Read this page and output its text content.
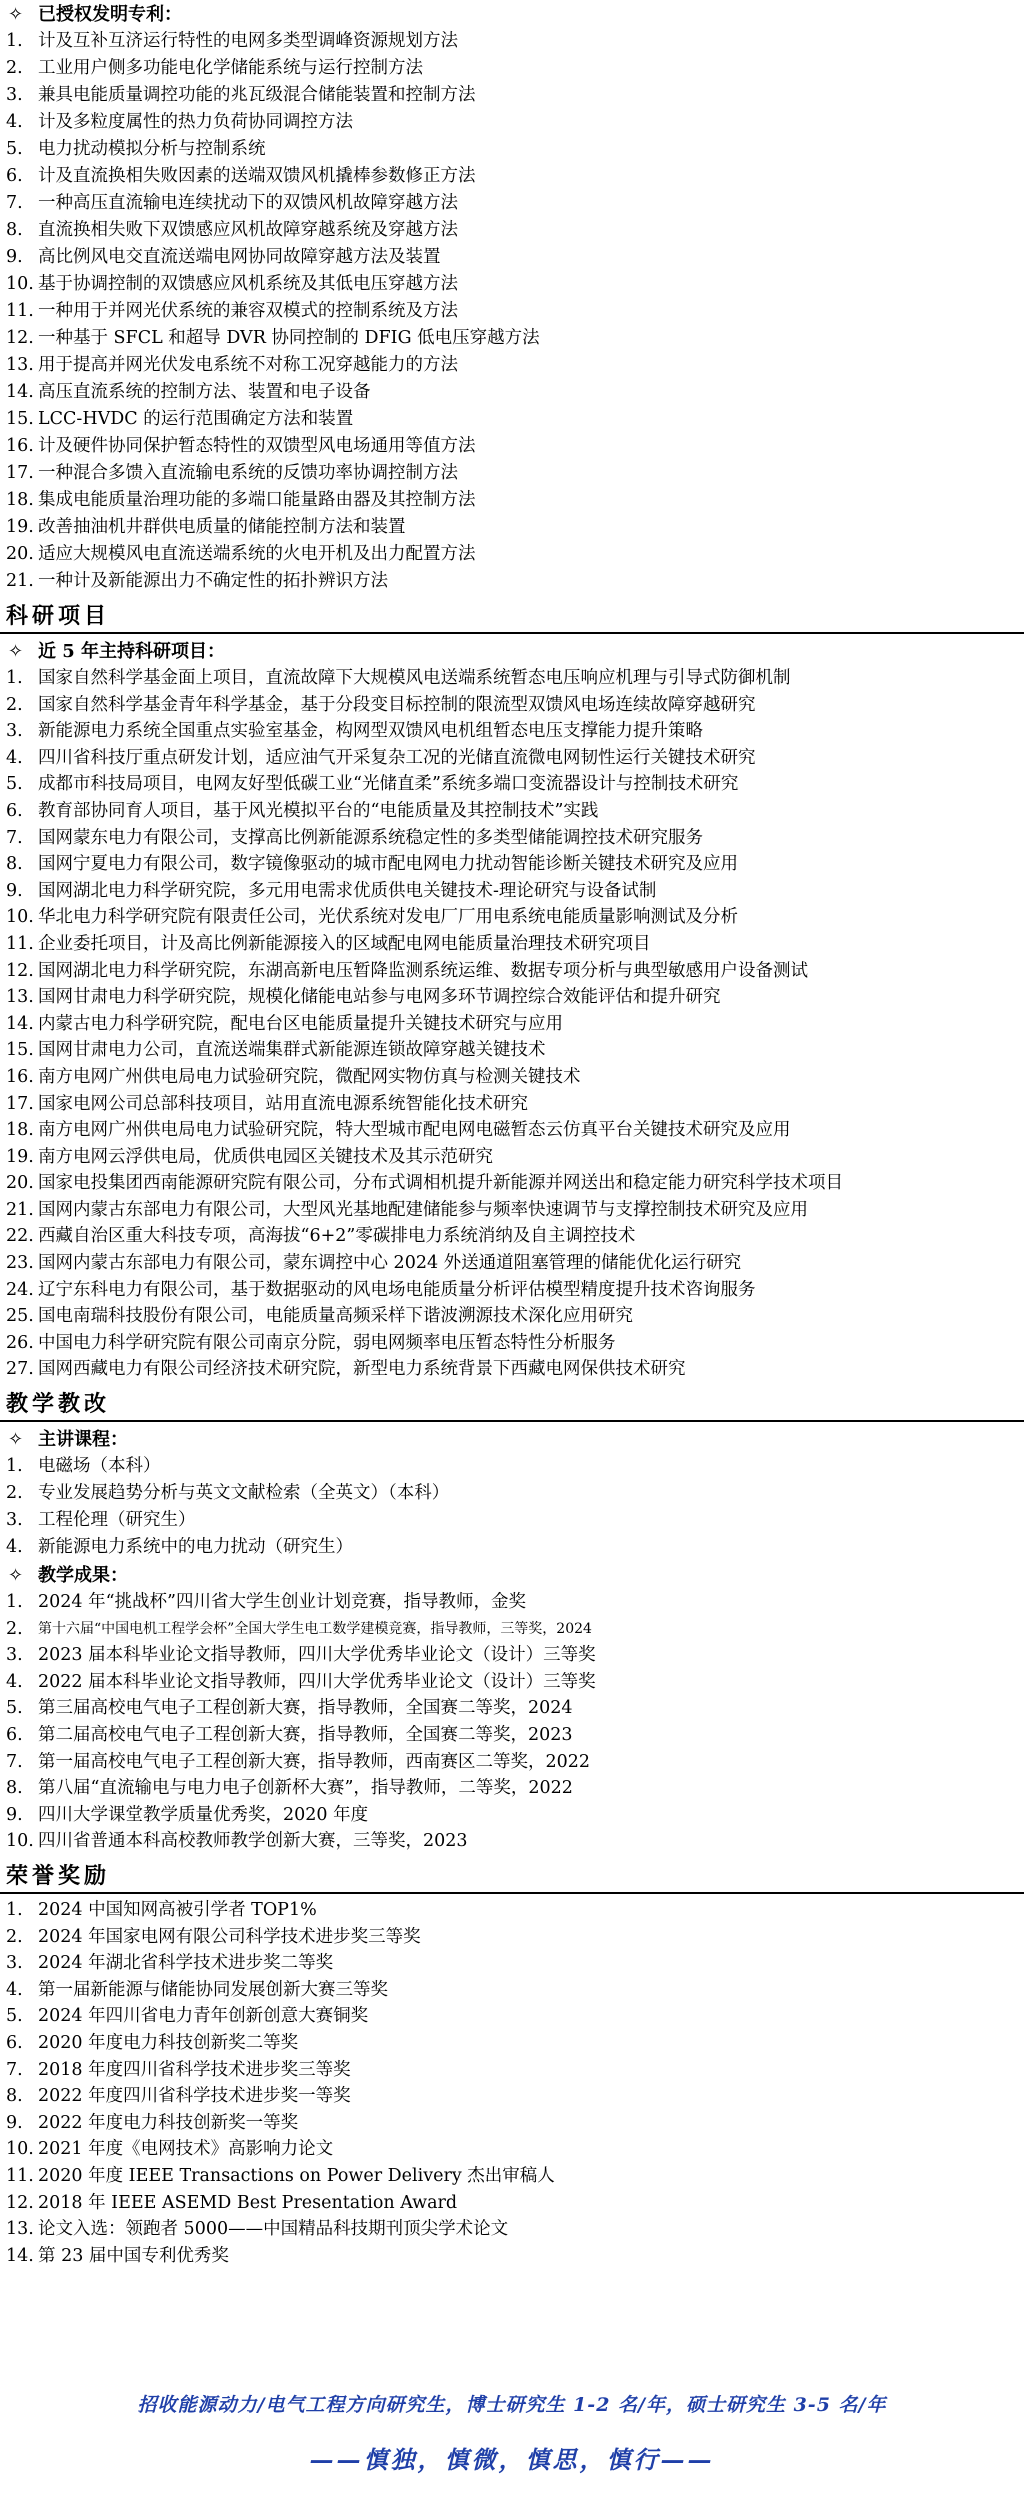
✧ 已授权发明专利：
1. 计及互补互济运行特性的电网多类型调峰资源规划方法
2. 工业用户侧多功能电化学储能系统与运行控制方法
3. 兼具电能质量调控功能的兆瓦级混合储能装置和控制方法
4. 计及多粒度属性的热力负荷协同调控方法
5. 电力扰动模拟分析与控制系统
6. 计及直流换相失败因素的送端双馈风机撬棒参数修正方法
7. 一种高压直流输电连续扰动下的双馈风机故障穿越方法
8. 直流换相失败下双馈感应风机故障穿越系统及穿越方法
9. 高比例风电交直流送端电网协同故障穿越方法及装置
10. 基于协调控制的双馈感应风机系统及其低电压穿越方法
11. 一种用于并网光伏系统的兼容双模式的控制系统及方法
12. 一种基于 SFCL 和超导 DVR 协同控制的 DFIG 低电压穿越方法
13. 用于提高并网光伏发电系统不对称工况穿越能力的方法
14. 高压直流系统的控制方法、装置和电子设备
15. LCC-HVDC 的运行范围确定方法和装置
16. 计及硬件协同保护暂态特性的双馈型风电场通用等值方法
17. 一种混合多馈入直流输电系统的反馈功率协调控制方法
18. 集成电能质量治理功能的多端口能量路由器及其控制方法
19. 改善抽油机井群供电质量的储能控制方法和装置
20. 适应大规模风电直流送端系统的火电开机及出力配置方法
21. 一种计及新能源出力不确定性的拓扑辨识方法
科研项目
✧ 近 5 年主持科研项目：
1. 国家自然科学基金面上项目，直流故障下大规模风电送端系统暂态电压响应机理与引导式防御机制
2. 国家自然科学基金青年科学基金，基于分段变目标控制的限流型双馈风电场连续故障穿越研究
3. 新能源电力系统全国重点实验室基金，构网型双馈风电机组暂态电压支撑能力提升策略
4. 四川省科技厅重点研发计划，适应油气开采复杂工况的光储直流微电网韧性运行关键技术研究
5. 成都市科技局项目，电网友好型低碳工业“光储直柔”系统多端口变流器设计与控制技术研究
6. 教育部协同育人项目，基于风光模拟平台的“电能质量及其控制技术”实践
7. 国网蒙东电力有限公司，支撑高比例新能源系统稳定性的多类型储能调控技术研究服务
8. 国网宁夏电力有限公司，数字镜像驱动的城市配电网电力扰动智能诊断关键技术研究及应用
9. 国网湖北电力科学研究院，多元用电需求优质供电关键技术-理论研究与设备试制
10. 华北电力科学研究院有限责任公司，光伏系统对发电厂厂用电系统电能质量影响测试及分析
11. 企业委托项目，计及高比例新能源接入的区域配电网电能质量治理技术研究项目
12. 国网湖北电力科学研究院，东湖高新电压暂降监测系统运维、数据专项分析与典型敏感用户设备测试
13. 国网甘肃电力科学研究院，规模化储能电站参与电网多环节调控综合效能评估和提升研究
14. 内蒙古电力科学研究院，配电台区电能质量提升关键技术研究与应用
15. 国网甘肃电力公司，直流送端集群式新能源连锁故障穿越关键技术
16. 南方电网广州供电局电力试验研究院，微配网实物仿真与检测关键技术
17. 国家电网公司总部科技项目，站用直流电源系统智能化技术研究
18. 南方电网广州供电局电力试验研究院，特大型城市配电网电磁暂态云仿真平台关键技术研究及应用
19. 南方电网云浮供电局，优质供电园区关键技术及其示范研究
20. 国家电投集团西南能源研究院有限公司，分布式调相机提升新能源并网送出和稳定能力研究科学技术项目
21. 国网内蒙古东部电力有限公司，大型风光基地配建储能参与频率快速调节与支撑控制技术研究及应用
22. 西藏自治区重大科技专项，高海拔“6+2”零碳排电力系统消纳及自主调控技术
23. 国网内蒙古东部电力有限公司，蒙东调控中心 2024 外送通道阻塞管理的储能优化运行研究
24. 辽宁东科电力有限公司，基于数据驱动的风电场电能质量分析评估模型精度提升技术咨询服务
25. 国电南瑞科技股份有限公司，电能质量高频采样下谐波溯源技术深化应用研究
26. 中国电力科学研究院有限公司南京分院，弱电网频率电压暂态特性分析服务
27. 国网西藏电力有限公司经济技术研究院，新型电力系统背景下西藏电网保供技术研究
教学教改
✧ 主讲课程：
1. 电磁场（本科）
2. 专业发展趋势分析与英文文献检索（全英文）（本科）
3. 工程伦理（研究生）
4. 新能源电力系统中的电力扰动（研究生）
✧ 教学成果：
1. 2024 年“挑战杯”四川省大学生创业计划竞赛，指导教师，金奖
2. 第十六届“中国电机工程学会杯”全国大学生电工数学建模竞赛，指导教师，三等奖，2024
3. 2023 届本科毕业论文指导教师，四川大学优秀毕业论文（设计）三等奖
4. 2022 届本科毕业论文指导教师，四川大学优秀毕业论文（设计）三等奖
5. 第三届高校电气电子工程创新大赛，指导教师，全国赛二等奖，2024
6. 第二届高校电气电子工程创新大赛，指导教师，全国赛二等奖，2023
7. 第一届高校电气电子工程创新大赛，指导教师，西南赛区二等奖，2022
8. 第八届“直流输电与电力电子创新杯大赛”，指导教师，二等奖，2022
9. 四川大学课堂教学质量优秀奖，2020 年度
10. 四川省普通本科高校教师教学创新大赛，三等奖，2023
荣誉奖励
1. 2024 中国知网高被引学者 TOP1%
2. 2024 年国家电网有限公司科学技术进步奖三等奖
3. 2024 年湖北省科学技术进步奖二等奖
4. 第一届新能源与储能协同发展创新大赛三等奖
5. 2024 年四川省电力青年创新创意大赛铜奖
6. 2020 年度电力科技创新奖二等奖
7. 2018 年度四川省科学技术进步奖三等奖
8. 2022 年度四川省科学技术进步奖一等奖
9. 2022 年度电力科技创新奖一等奖
10. 2021 年度《电网技术》高影响力论文
11. 2020 年度 IEEE Transactions on Power Delivery 杰出审稿人
12. 2018 年 IEEE ASEMD Best Presentation Award
13. 论文入选：领跑者 5000——中国精品科技期刊顶尖学术论文
14. 第 23 届中国专利优秀奖
招收能源动力/电气工程方向研究生，博士研究生 1-2 名/年，硕士研究生 3-5 名/年
——慎独，慎微，慎思，慎行——
